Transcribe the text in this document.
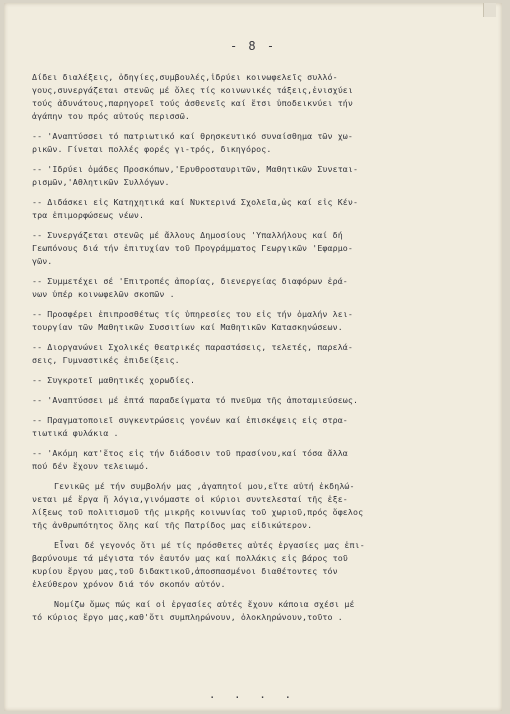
- 8 -
Δίδει διαλέξεις, ὁδηγίες,συμβουλές,ἱδρύει κοινωφελεῖς συλλό-
γους,συνεργάζεται στενῶς μέ ὅλες τίς κοινωνικές τάξεις,ἐνισχύει
τούς ἀδυνάτους,παρηγορεῖ τούς ἀσθενεῖς καί ἔτσι ὑποδεικνύει τήν
ἀγάπην του πρός αὐτούς περισσῶ.
-- 'Αναπτύσσει τό πατριωτικό καί θρησκευτικό συναίσθημα τῶν χω-
ρικῶν. Γίνεται πολλές φορές γι-τρός, δικηγόρος.
-- 'Ιδρύει ὁμάδες Προσκόπων,'Ερυθροσταυριτῶν, Μαθητικῶν Συνεται-
ρισμῶν,'Αθλητικῶν Συλλόγων.
-- Διδάσκει εἰς Κατηχητικά καί Νυκτερινά Σχολεῖα,ὡς καί εἰς Κέν-
τρα ἐπιμορφώσεως νέων.
-- Συνεργάζεται στενῶς μέ ἄλλους Δημοσίους 'Υπαλλήλους καί δή
Γεωπόνους διά τήν ἐπιτυχίαν τοῦ Προγράμματος Γεωργικῶν 'Εφαρμο-
γῶν.
-- Συμμετέχει σέ 'Επιτροπές ἀπορίας, διενεργείας διαφόρων ἐρά-
νων ὑπέρ κοινωφελῶν σκοπῶν .
-- Προσφέρει ἐπιπροσθέτως τίς ὑπηρεσίες του εἰς τήν ὁμαλήν λει-
τουργίαν τῶν Μαθητικῶν Συσσιτίων καί Μαθητικῶν Κατασκηνώσεων.
-- Διοργανώνει Σχολικές θεατρικές παραστάσεις, τελετές, παρελά-
σεις, Γυμναστικές ἐπιδείξεις.
-- Συγκροτεῖ μαθητικές χορωδίες.
-- 'Αναπτύσσει μέ ἐπτά παραδείγματα τό πνεῦμα τῆς ἀποταμιεύσεως.
-- Πραγματοποιεῖ συγκεντρώσεις γονέων καί ἐπισκέψεις εἰς στρα-
τιωτικά φυλάκια .
-- 'Ακόμη κατ'ἔτος εἰς τήν διάδοσιν τοῦ πρασίνου,καί τόσα ἄλλα
πού δέν ἔχουν τελειωμό.
Γενικῶς μέ τήν συμβολήν μας ,ἀγαπητοί μου,εἴτε αὐτή ἐκδηλώ-
νεται μέ ἔργα ἤ λόγια,γινόμαστε οἱ κύριοι συντελεσταί τῆς ἐξε-
λίξεως τοῦ πολιτισμοῦ τῆς μικρῆς κοινωνίας τοῦ χωριοῦ,πρός ὄφελος
τῆς ἀνθρωπότητος ὅλης καί τῆς Πατρίδος μας εἰδικώτερον.
Εἶναι δέ γεγονός ὅτι μέ τίς πρόσθετες αὐτές ἐργασίες μας ἐπι-
βαρύνουμε τά μέγιστα τόν ἑαυτόν μας καί πολλάκις εἰς βάρος τοῦ
κυρίου ἔργου μας,τοῦ διδακτικοῦ,ἀποσπασμένοι διαθέτοντες τόν
ἐλεύθερον χρόνον διά τόν σκοπόν αὐτόν.
Νομίζω ὅμως πώς καί οἱ ἐργασίες αὐτές ἔχουν κάποια σχέσι μέ
τό κύριος ἔργο μας,καθ'ὅτι συμπληρώνουν, ὁλοκληρώνουν,τοῦτο .
. . . .
